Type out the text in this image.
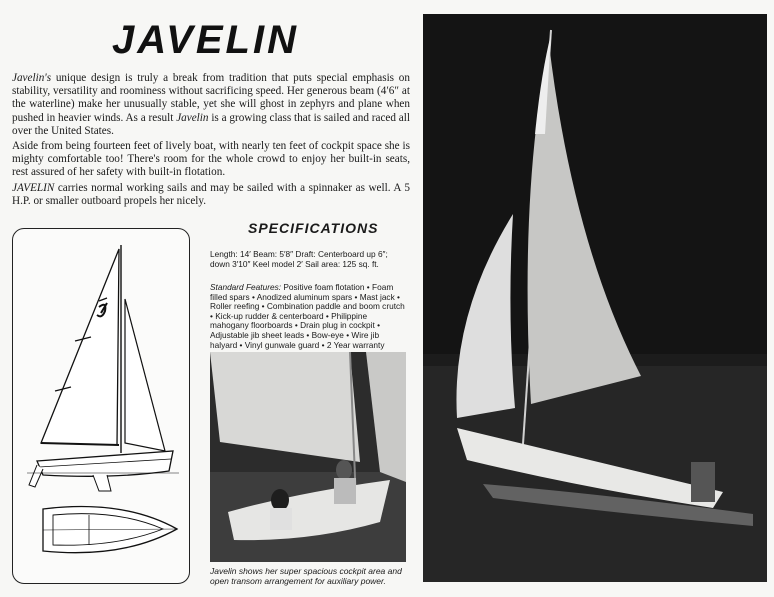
JAVELIN

Javelin's unique design is truly a break from tradition that puts special emphasis on stability, versatility and roominess without sacrificing speed. Her generous beam (4′6″ at the waterline) make her unusually stable, yet she will ghost in zephyrs and plane when pushed in heavier winds. As a result Javelin is a growing class that is sailed and raced all over the United States.

Aside from being fourteen feet of lively boat, with nearly ten feet of cockpit space she is mighty comfortable too! There's room for the whole crowd to enjoy her built-in seats, rest assured of her safety with built-in flotation.

JAVELIN carries normal working sails and may be sailed with a spinnaker as well. A 5 H.P. or smaller outboard propels her nicely.

SPECIFICATIONS
Length: 14′ Beam: 5′8″ Draft: Centerboard up 6″; down 3′10″ Keel model 2′ Sail area: 125 sq. ft.
Standard Features: Positive foam flotation • Foam filled spars • Anodized aluminum spars • Mast jack • Roller reefing • Combination paddle and boom crutch • Kick-up rudder & centerboard • Philippine mahogany floorboards • Drain plug in cockpit • Adjustable jib sheet leads • Bow-eye • Wire jib halyard • Vinyl gunwale guard • 2 Year warranty
Javelin shows her super spacious cockpit area and open transom arrangement for auxiliary power.
